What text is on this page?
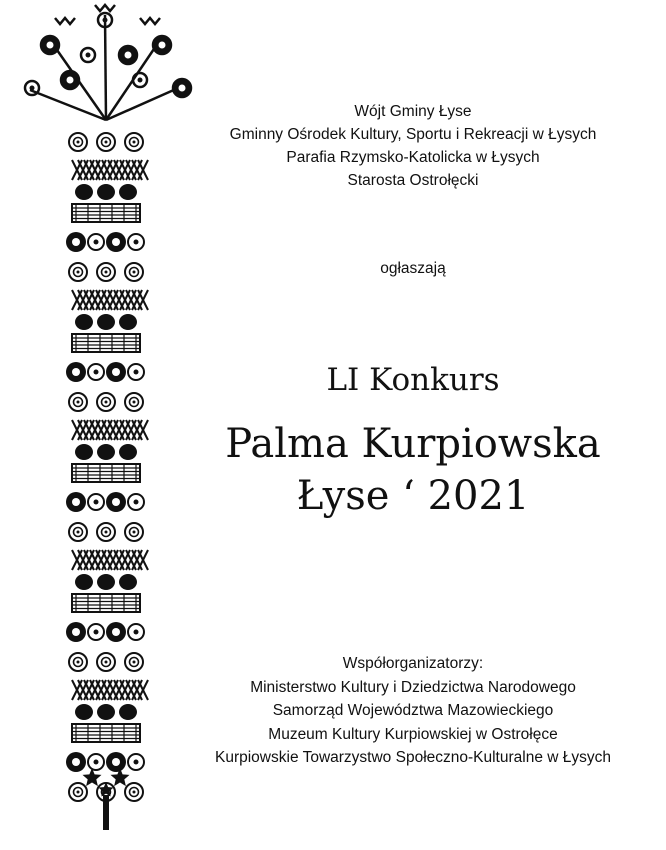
Wójt Gminy Łyse
Gminny Ośrodek Kultury, Sportu i Rekreacji w Łysych
Parafia Rzymsko-Katolicka w Łysych
Starosta Ostrołęcki
ogłaszają
LI Konkurs
Palma Kurpiowska
Łyse ‘ 2021
Współorganizatorzy:
Ministerstwo Kultury i Dziedzictwa Narodowego
Samorząd Województwa Mazowieckiego
Muzeum Kultury Kurpiowskiej w Ostrołęce
Kurpiowskie Towarzystwo Społeczno-Kulturalne w Łysych
